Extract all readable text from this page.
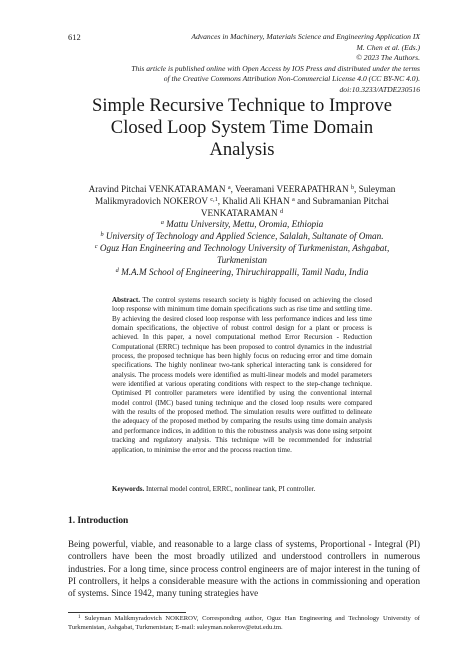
612	Advances in Machinery, Materials Science and Engineering Application IX
M. Chen et al. (Eds.)
© 2023 The Authors.
This article is published online with Open Access by IOS Press and distributed under the terms
of the Creative Commons Attribution Non-Commercial License 4.0 (CC BY-NC 4.0).
doi:10.3233/ATDE230516
Simple Recursive Technique to Improve
Closed Loop System Time Domain
Analysis
Aravind Pitchai VENKATARAMAN $^a$, Veeramani VEERAPATHRAN $^b$, Suleyman
Malikmyradovich NOKEROV $^{c,1}$, Khalid Ali KHAN $^a$ and Subramanian Pitchai
VENKATARAMAN $^d$
$^a$ Mattu University, Mettu, Oromia, Ethiopia
$^b$ University of Technology and Applied Science, Salalah, Sultanate of Oman.
$^c$ Oguz Han Engineering and Technology University of Turkmenistan, Ashgabat,
Turkmenistan
$^d$ M.A.M School of Engineering, Thiruchirappalli, Tamil Nadu, India

Abstract. The control systems research society is highly focused on achieving the closed loop response with minimum time domain specifications such as rise time and settling time. By achieving the desired closed loop response with less performance indices and less time domain specifications, the objective of robust control design for a plant or process is achieved. In this paper, a novel computational method Error Recursion - Reduction Computational (ERRC) technique has been proposed to control dynamics in the industrial process, the proposed technique has been highly focus on reducing error and time domain specifications. The highly nonlinear two-tank spherical interacting tank is considered for analysis. The process models were identified as multi-linear models and model parameters were identified at various operating conditions with respect to the step-change technique. Optimised PI controller parameters were identified by using the conventional internal model control (IMC) based tuning technique and the closed loop results were compared with the results of the proposed method. The simulation results were outfitted to delineate the adequacy of the proposed method by comparing the results using time domain analysis and performance indices, in addition to this the robustness analysis was done using setpoint tracking and regulatory analysis. This technique will be recommended for industrial application, to minimise the error and the process reaction time.

Keywords. Internal model control, ERRC, nonlinear tank, PI controller.
1. Introduction

Being powerful, viable, and reasonable to a large class of systems, Proportional - Integral (PI) controllers have been the most broadly utilized and understood controllers in numerous industries. For a long time, since process control engineers are of major interest in the tuning of PI controllers, it helps a considerable measure with the actions in commissioning and operation of systems. Since 1942, many tuning strategies have

$^1$ Suleyman Malikmyradovich NOKEROV, Corresponding author, Oguz Han Engineering and Technology University of Turkmenistan, Ashgabat, Turkmenistan; E-mail: suleyman.nokerov@etut.edu.tm.
